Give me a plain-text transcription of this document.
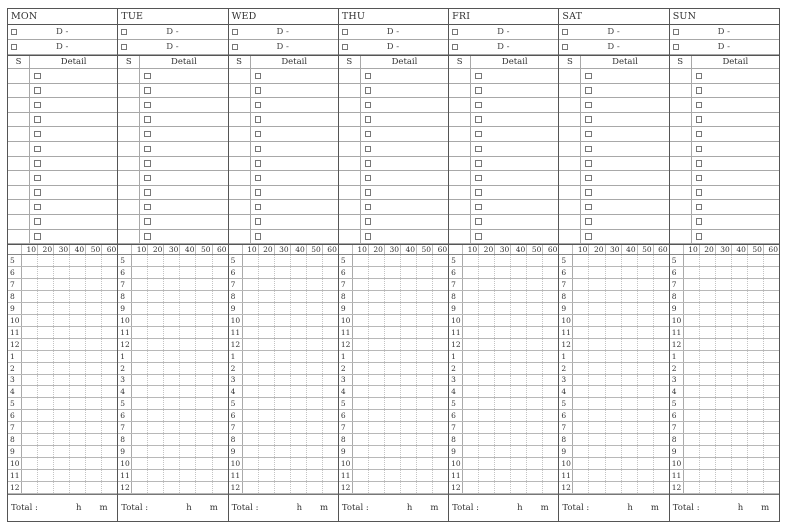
MON
D -
D -
S	Detail
10 20 30 40 50 60
5
6
7
8
9
10
11
12
1
2
3
4
5
6
7
8
9
10
11
12
Total :	h m
TUE
D -
D -
S	Detail
10 20 30 40 50 60
5
6
7
8
9
10
11
12
1
2
3
4
5
6
7
8
9
10
11
12
Total :	h m
WED
D -
D -
S	Detail
10 20 30 40 50 60
5
6
7
8
9
10
11
12
1
2
3
4
5
6
7
8
9
10
11
12
Total :	h m
THU
D -
D -
S	Detail
10 20 30 40 50 60
5
6
7
8
9
10
11
12
1
2
3
4
5
6
7
8
9
10
11
12
Total :	h m
FRI
D -
D -
S	Detail
10 20 30 40 50 60
5
6
7
8
9
10
11
12
1
2
3
4
5
6
7
8
9
10
11
12
Total :	h m
SAT
D -
D -
S	Detail
10 20 30 40 50 60
5
6
7
8
9
10
11
12
1
2
3
4
5
6
7
8
9
10
11
12
Total :	h m
SUN
D -
D -
S	Detail
10 20 30 40 50 60
5
6
7
8
9
10
11
12
1
2
3
4
5
6
7
8
9
10
11
12
Total :	h m
